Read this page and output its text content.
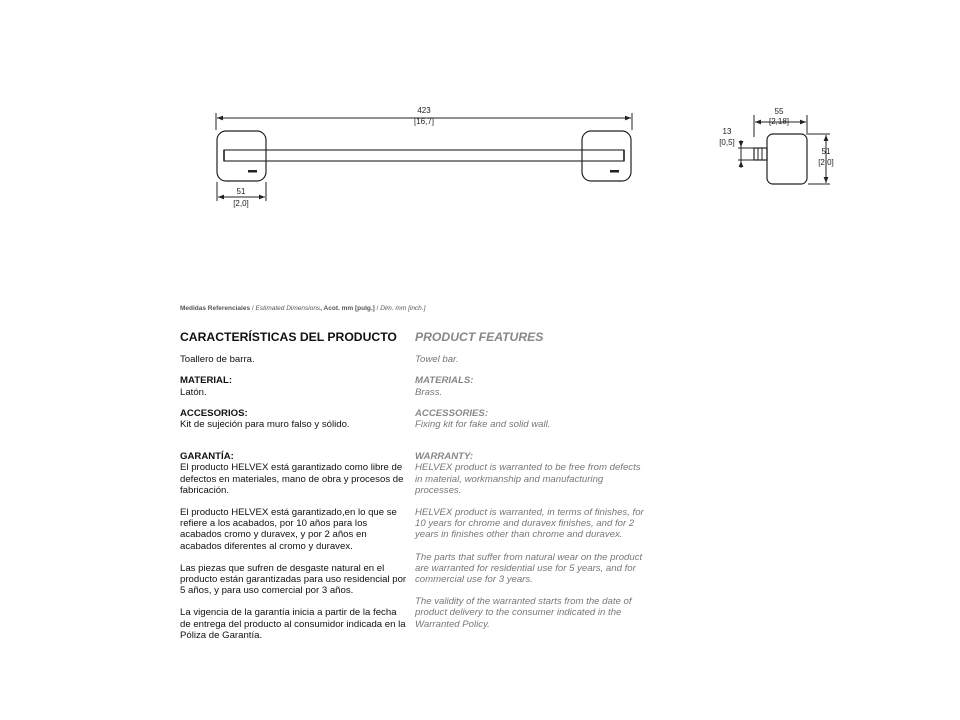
423
[16,7]
51
[2,0]
55
[2,18]
13
[0,5]
51
[2,0]
Medidas Referenciales / Estimated Dimensions, Acot. mm [pulg.] / Dim. mm [inch.]
CARACTERÍSTICAS DEL PRODUCTO

Toallero de barra.

MATERIAL:

Latón.

ACCESORIOS:

Kit de sujeción para muro falso y sólido.

GARANTÍA:

El producto HELVEX está garantizado como libre de defectos en materiales, mano de obra y procesos de fabricación.

El producto HELVEX está garantizado,en lo que se refiere a los acabados, por 10 años para los acabados cromo y duravex, y por 2 años en acabados diferentes al cromo y duravex.

Las piezas que sufren de desgaste natural en el producto están garantizadas para uso residencial por 5 años, y para uso comercial por 3 años.

La vigencia de la garantía inicia a partir de la fecha de entrega del producto al consumidor indicada en la Póliza de Garantía.

PRODUCT FEATURES

Towel bar.

MATERIALS:

Brass.

ACCESSORIES:

Fixing kit for fake and solid wall.

WARRANTY:

HELVEX product is warranted to be free from defects in material, workmanship and manufacturing processes.

HELVEX product is warranted, in terms of finishes, for 10 years for chrome and duravex finishes, and for 2 years in finishes other than chrome and duravex.

The parts that suffer from natural wear on the product are warranted for residential use for 5 years, and for commercial use for 3 years.

The validity of the warranted starts from the date of product delivery to the consumer indicated in the Warranted Policy.
